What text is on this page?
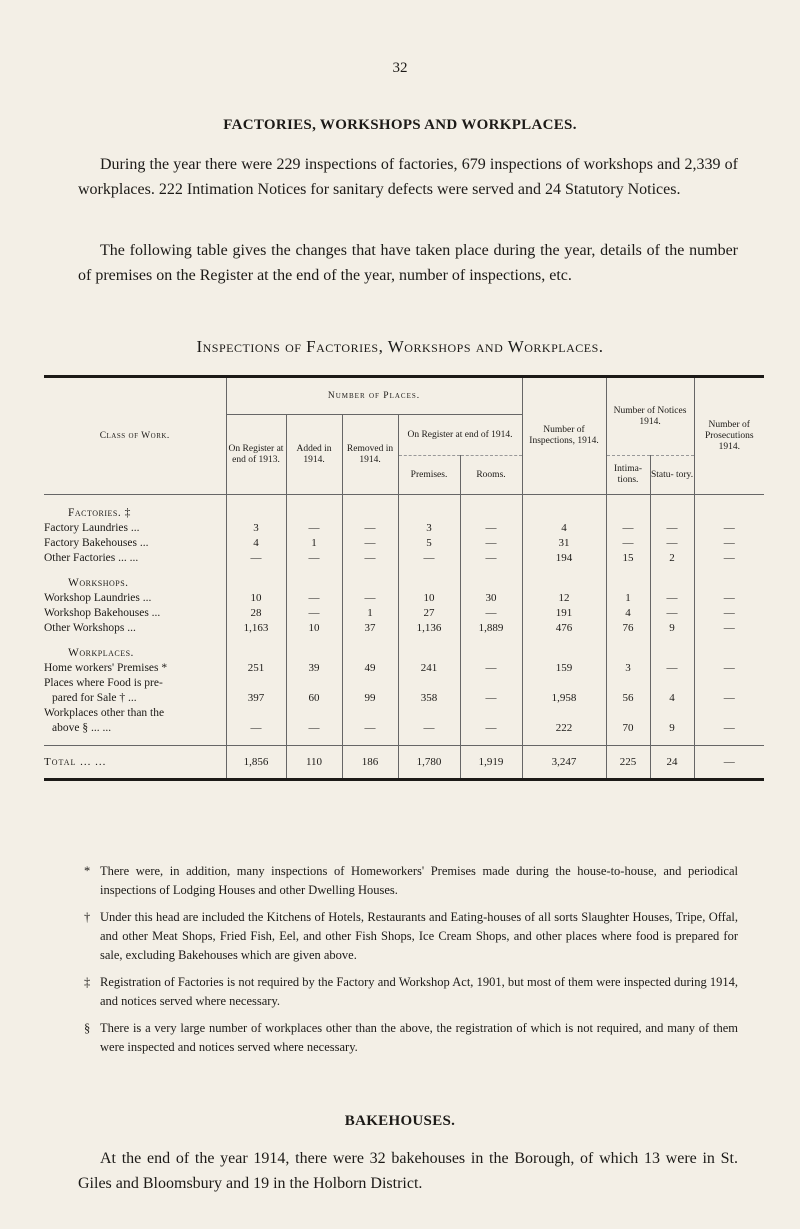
32
FACTORIES, WORKSHOPS AND WORKPLACES.

During the year there were 229 inspections of factories, 679 inspections of workshops and 2,339 of workplaces. 222 Intimation Notices for sanitary defects were served and 24 Statutory Notices.

The following table gives the changes that have taken place during the year, details of the number of premises on the Register at the end of the year, number of inspections, etc.

Inspections of Factories, Workshops and Workplaces.
Class of Work.	Number of Places.					Number of Inspections, 1914.	Number of Notices 1914.		Number of Prosecutions 1914.
	On Register at end of 1913.	Added in 1914.	Removed in 1914.	On Register at end of 1914.					
				Premises.	Rooms.		Intima- tions.	Statu- tory.	

Factories. ‡									
Factory Laundries ...	3	—	—	3	—	4	—	—	—
Factory Bakehouses ...	4	1	—	5	—	31	—	—	—
Other Factories ... ...	—	—	—	—	—	194	15	2	—

Workshops.									
Workshop Laundries ...	10	—	—	10	30	12	1	—	—
Workshop Bakehouses ...	28	—	1	27	—	191	4	—	—
Other Workshops ...	1,163	10	37	1,136	1,889	476	76	9	—

Workplaces.									
Home workers' Premises *	251	39	49	241	—	159	3	—	—
Places where Food is pre-									
pared for Sale † ...	397	60	99	358	—	1,958	56	4	—
Workplaces other than the									
above § ... ...	—	—	—	—	—	222	70	9	—

Total ... ...	1,856	110	186	1,780	1,919	3,247	225	24	—

* There were, in addition, many inspections of Homeworkers' Premises made during the house-to-house, and periodical inspections of Lodging Houses and other Dwelling Houses.

† Under this head are included the Kitchens of Hotels, Restaurants and Eating-houses of all sorts Slaughter Houses, Tripe, Offal, and other Meat Shops, Fried Fish, Eel, and other Fish Shops, Ice Cream Shops, and other places where food is prepared for sale, excluding Bakehouses which are given above.

‡ Registration of Factories is not required by the Factory and Workshop Act, 1901, but most of them were inspected during 1914, and notices served where necessary.

§ There is a very large number of workplaces other than the above, the registration of which is not required, and many of them were inspected and notices served where necessary.

BAKEHOUSES.

At the end of the year 1914, there were 32 bakehouses in the Borough, of which 13 were in St. Giles and Bloomsbury and 19 in the Holborn District.
